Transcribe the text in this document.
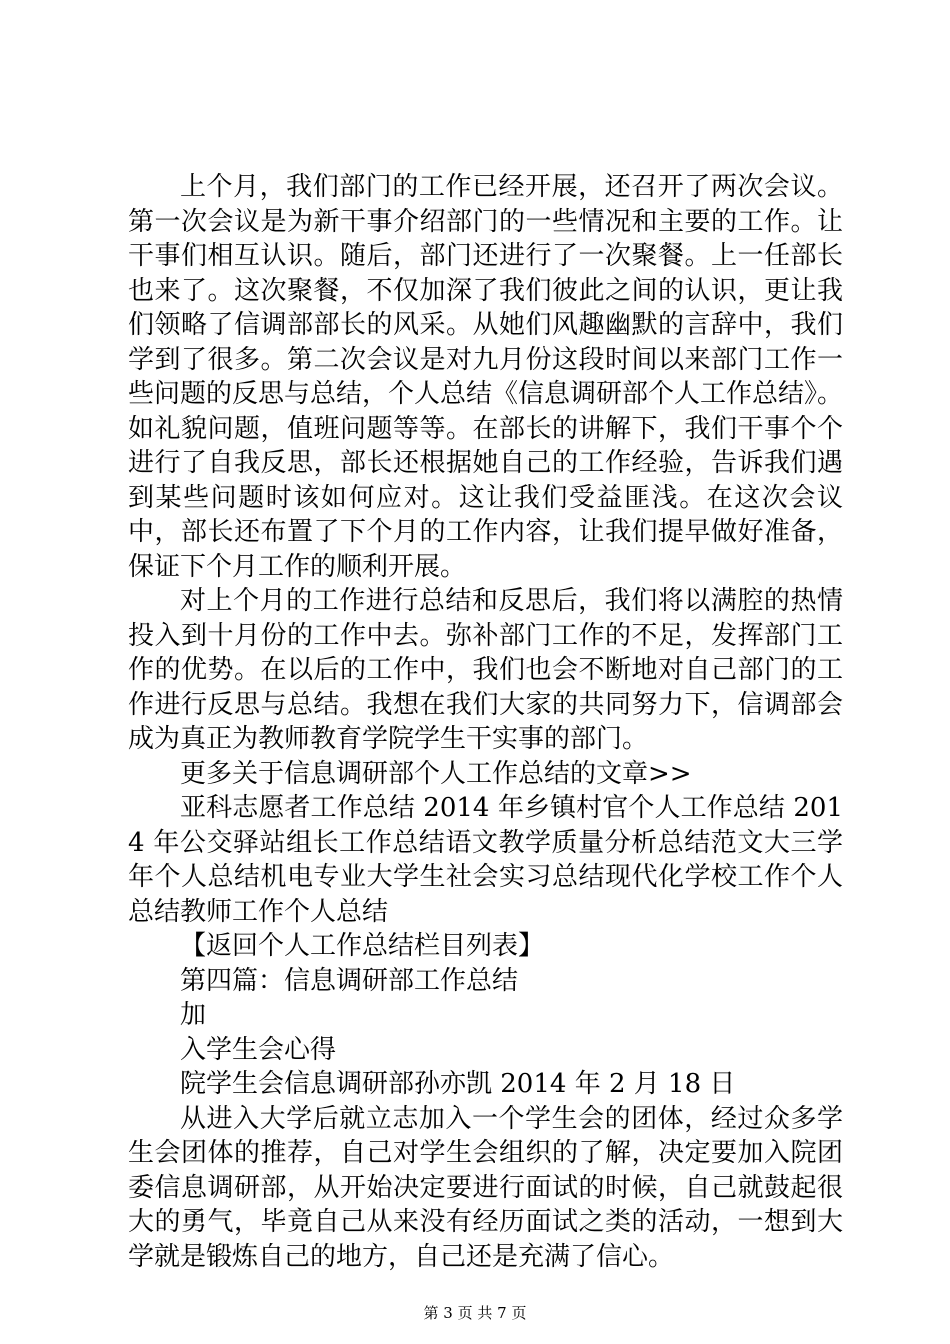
上个月，我们部门的工作已经开展，还召开了两次会议。第一次会议是为新干事介绍部门的一些情况和主要的工作。让干事们相互认识。随后，部门还进行了一次聚餐。上一任部长也来了。这次聚餐，不仅加深了我们彼此之间的认识，更让我们领略了信调部部长的风采。从她们风趣幽默的言辞中，我们学到了很多。第二次会议是对九月份这段时间以来部门工作一些问题的反思与总结，个人总结《信息调研部个人工作总结》。如礼貌问题，值班问题等等。在部长的讲解下，我们干事个个进行了自我反思，部长还根据她自己的工作经验，告诉我们遇到某些问题时该如何应对。这让我们受益匪浅。在这次会议中，部长还布置了下个月的工作内容，让我们提早做好准备，保证下个月工作的顺利开展。

对上个月的工作进行总结和反思后，我们将以满腔的热情投入到十月份的工作中去。弥补部门工作的不足，发挥部门工作的优势。在以后的工作中，我们也会不断地对自己部门的工作进行反思与总结。我想在我们大家的共同努力下，信调部会成为真正为教师教育学院学生干实事的部门。

更多关于信息调研部个人工作总结的文章>>

亚科志愿者工作总结 2014 年乡镇村官个人工作总结 2014 年公交驿站组长工作总结语文教学质量分析总结范文大三学年个人总结机电专业大学生社会实习总结现代化学校工作个人总结教师工作个人总结

【返回个人工作总结栏目列表】

第四篇：信息调研部工作总结

加

入学生会心得

院学生会信息调研部孙亦凯 2014 年 2 月 18 日

从进入大学后就立志加入一个学生会的团体，经过众多学生会团体的推荐，自己对学生会组织的了解，决定要加入院团委信息调研部，从开始决定要进行面试的时候，自己就鼓起很大的勇气，毕竟自己从来没有经历面试之类的活动，一想到大学就是锻炼自己的地方，自己还是充满了信心。

第 3 页 共 7 页
